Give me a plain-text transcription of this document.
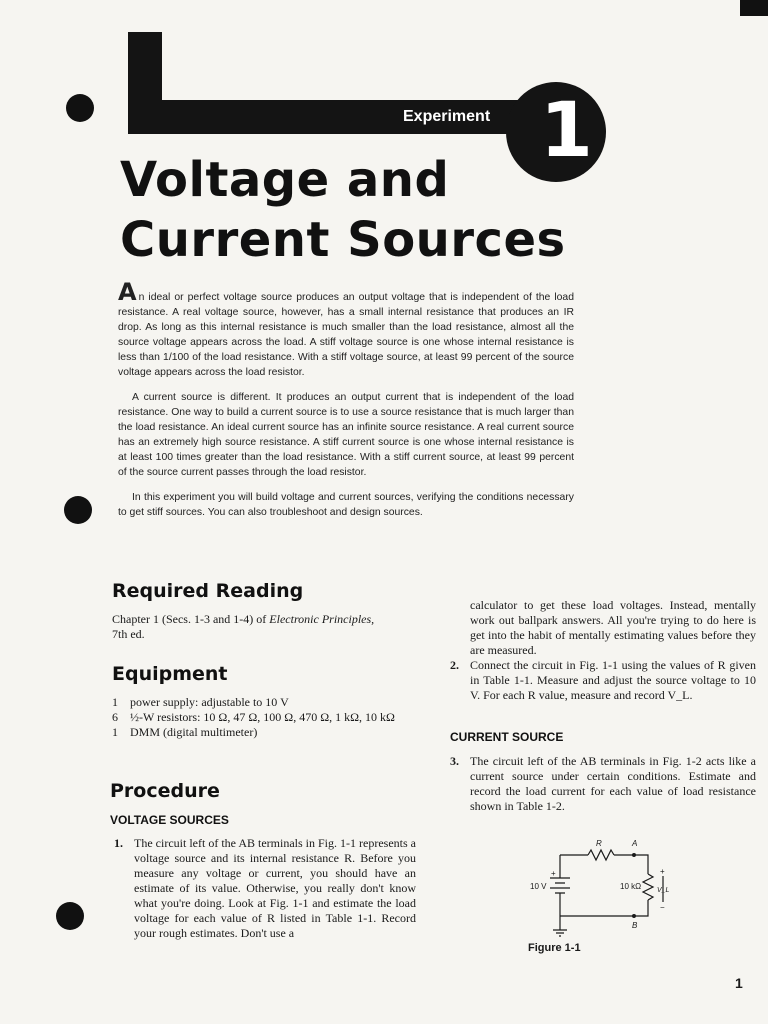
Experiment 1
Voltage and
Current Sources

An ideal or perfect voltage source produces an output voltage that is independent of the load resistance. A real voltage source, however, has a small internal resistance that produces an IR drop. As long as this internal resistance is much smaller than the load resistance, almost all the source voltage appears across the load. A stiff voltage source is one whose internal resistance is less than 1/100 of the load resistance. With a stiff voltage source, at least 99 percent of the source voltage appears across the load resistor.

A current source is different. It produces an output current that is independent of the load resistance. One way to build a current source is to use a source resistance that is much larger than the load resistance. An ideal current source has an infinite source resistance. A real current source has an extremely high source resistance. A stiff current source is one whose internal resistance is at least 100 times greater than the load resistance. With a stiff current source, at least 99 percent of the source current passes through the load resistor.

In this experiment you will build voltage and current sources, verifying the conditions necessary to get stiff sources. You can also troubleshoot and design sources.

Required Reading
Chapter 1 (Secs. 1-3 and 1-4) of Electronic Principles,
7th ed.
Equipment
1	power supply: adjustable to 10 V
6	½-W resistors: 10 Ω, 47 Ω, 100 Ω, 470 Ω, 1 kΩ, 10 kΩ
1	DMM (digital multimeter)
Procedure
VOLTAGE SOURCES
1. The circuit left of the AB terminals in Fig. 1-1 represents a voltage source and its internal resistance R. Before you measure any voltage or current, you should have an estimate of its value. Otherwise, you really don't know what you're doing. Look at Fig. 1-1 and estimate the load voltage for each value of R listed in Table 1-1. Record your rough estimates. Don't use a
calculator to get these load voltages. Instead, mentally work out ballpark answers. All you're trying to do here is get into the habit of mentally estimating values before they are measured.
2. Connect the circuit in Fig. 1-1 using the values of R given in Table 1-1. Measure and adjust the source voltage to 10 V. For each R value, measure and record V_L.
CURRENT SOURCE
3. The circuit left of the AB terminals in Fig. 1-2 acts like a current source under certain conditions. Estimate and record the load current for each value of load resistance shown in Table 1-2.
R	A
B
+
10 V	10 kΩ
+
V_L
−
Figure 1-1
1
